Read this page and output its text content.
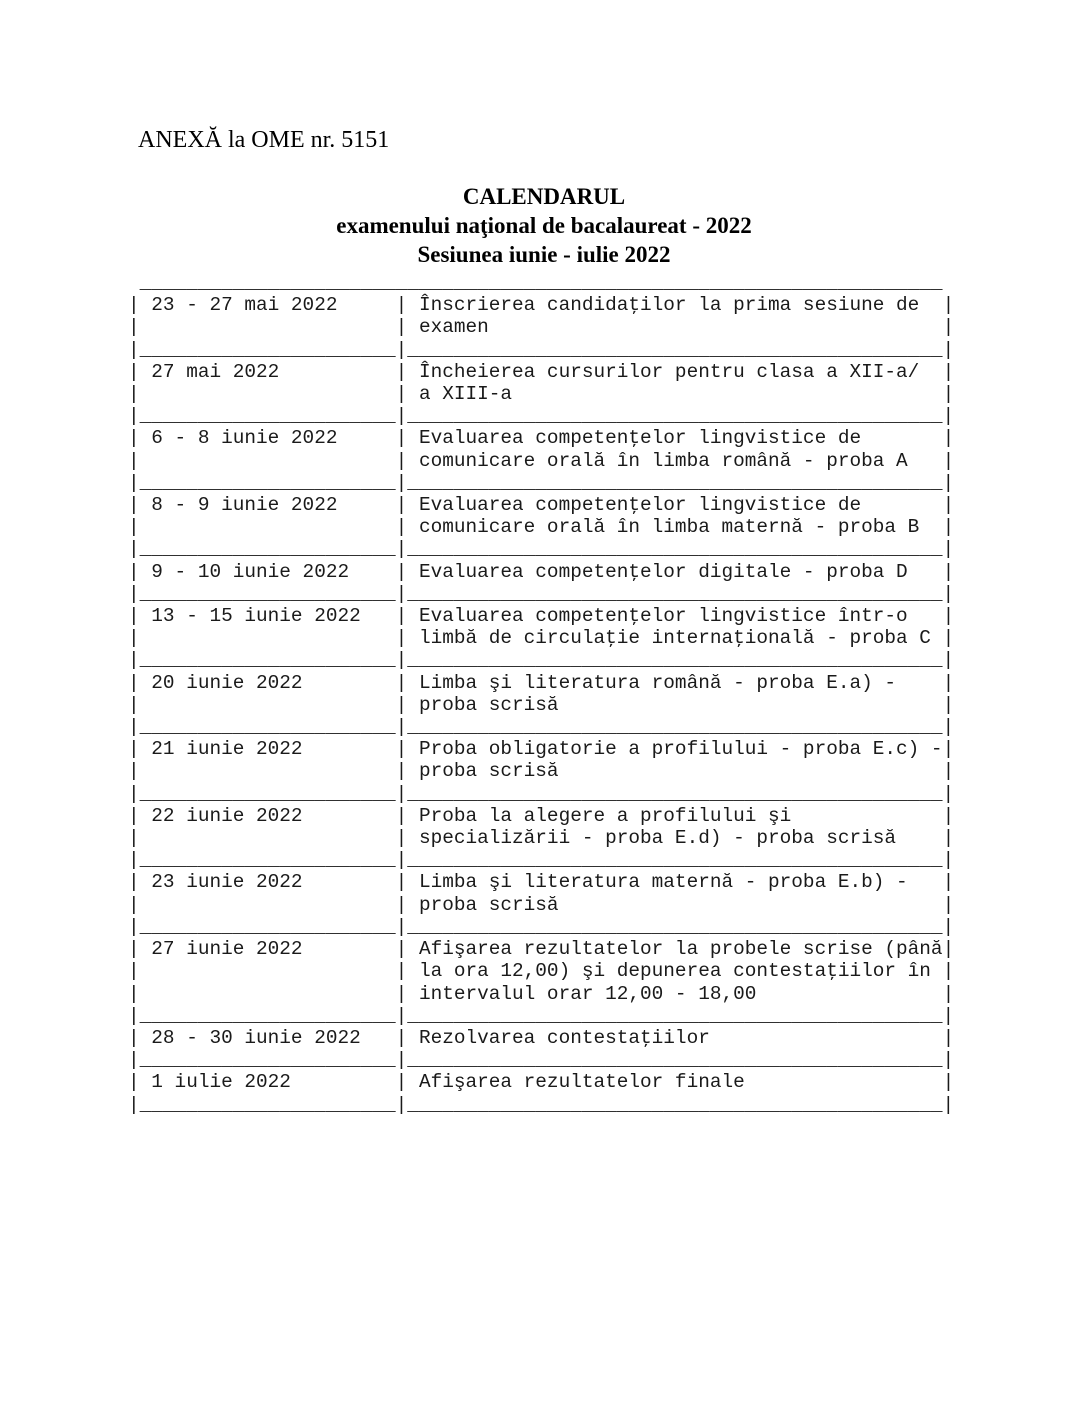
ANEXĂ la OME nr. 5151
CALENDARUL
examenului naţional de bacalaureat - 2022
Sesiunea iunie - iulie 2022
_____________________________________________________________________
| 23 - 27 mai 2022     | Înscrierea candidaţilor la prima sesiune de  |
|	| examen                                       |
|______________________|______________________________________________|
| 27 mai 2022          | Încheierea cursurilor pentru clasa a XII-a/  |
|	| a XIII-a                                     |
|______________________|______________________________________________|
| 6 - 8 iunie 2022     | Evaluarea competenţelor lingvistice de       |
|	| comunicare orală în limba română - proba A   |
|______________________|______________________________________________|
| 8 - 9 iunie 2022     | Evaluarea competenţelor lingvistice de       |
|	| comunicare orală în limba maternă - proba B  |
|______________________|______________________________________________|
| 9 - 10 iunie 2022    | Evaluarea competenţelor digitale - proba D   |
|______________________|______________________________________________|
| 13 - 15 iunie 2022   | Evaluarea competenţelor lingvistice într-o   |
|	| limbă de circulaţie internaţională - proba C |
|______________________|______________________________________________|
| 20 iunie 2022        | Limba şi literatura română - proba E.a) -    |
|	| proba scrisă                                 |
|______________________|______________________________________________|
| 21 iunie 2022        | Proba obligatorie a profilului - proba E.c) -|
|	| proba scrisă                                 |
|______________________|______________________________________________|
| 22 iunie 2022        | Proba la alegere a profilului şi             |
|	| specializării - proba E.d) - proba scrisă    |
|______________________|______________________________________________|
| 23 iunie 2022        | Limba şi literatura maternă - proba E.b) -   |
|	| proba scrisă                                 |
|______________________|______________________________________________|
| 27 iunie 2022        | Afişarea rezultatelor la probele scrise (până|
|	| la ora 12,00) şi depunerea contestaţiilor în |
|	| intervalul orar 12,00 - 18,00                |
|______________________|______________________________________________|
| 28 - 30 iunie 2022   | Rezolvarea contestaţiilor                    |
|______________________|______________________________________________|
| 1 iulie 2022         | Afişarea rezultatelor finale                 |
|______________________|______________________________________________|
